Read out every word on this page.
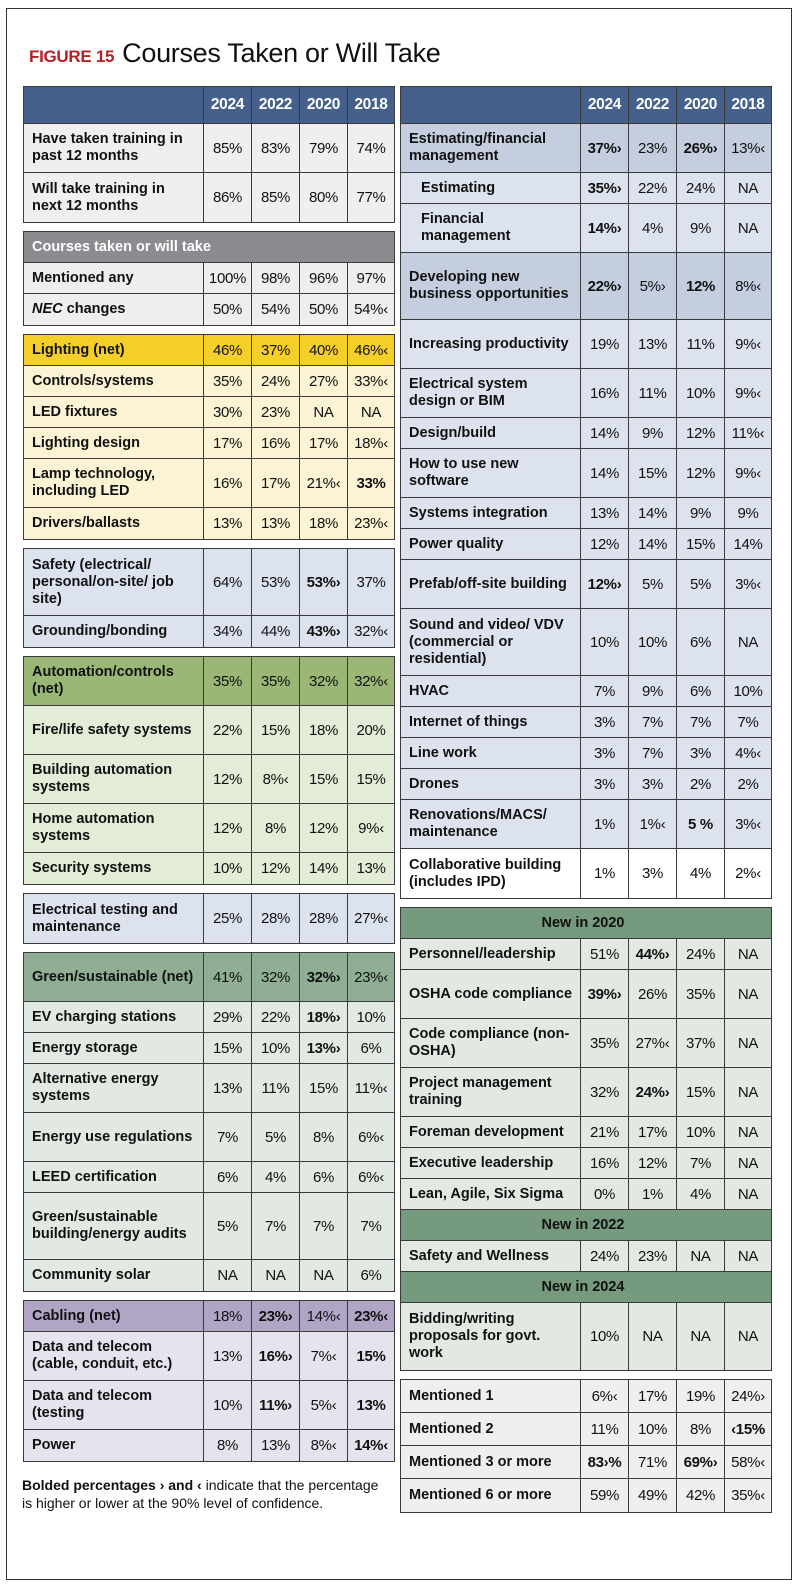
FIGURE 15 Courses Taken or Will Take
2024 2022 2020 2018
Have taken training in past 12 months	85%	83%	79%	74%
Will take training in next 12 months	86%	85%	80%	77%
Courses taken or will take
Mentioned any	100% 98%	96%	97%
NEC changes	50%	54%	50%	54%‹
Lighting (net)	46%	37%	40%	46%‹
Controls/systems	35%	24%	27%	33%‹
LED fixtures	30%	23%	NA	NA
Lighting design	17%	16%	17%	18%‹
Lamp technology, including LED	16%	17%	21%‹	33%
Drivers/ballasts	13%	13%	18%	23%‹
Safety (electrical/ personal/on-site/ job site)
64%	53%	53%›	37%
Grounding/bonding	34%	44%	43%› 32%‹
Automation/controls (net)	35%	35%	32%	32%‹
Fire/life safety systems	22%	15%	18%	20%
Building automation systems	12%	8%‹	15%	15%
Home automation systems	12%	8%	12%	9%‹
Security systems	10%	12%	14%	13%
Electrical testing and maintenance	25%	28%	28%	27%‹
Green/sustainable (net)	41%	32%	32%› 23%‹
EV charging stations	29%	22%	18%›	10%
Energy storage	15%	10%	13%›	6%
Alternative energy systems	13%	11%	15%	11%‹
Energy use regulations	7%	5%	8%	6%‹
LEED certification	6%	4%	6%	6%‹
Green/sustainable building/energy audits	5%	7%	7%	7%
Community solar	NA	NA	NA	6%
Cabling (net)	18%	23%› 14%‹ 23%‹
Data and telecom (cable, conduit, etc.)	13%	16%›	7%‹	15%
Data and telecom (testing	10%	11%›	5%‹	13%
Power	8%	13%	8%‹	14%‹
2024 2022 2020 2018
Estimating/financial management	37%›	23%	26%› 13%‹
Estimating	35%›	22%	24%	NA
Financial management	14%›	4%	9%	NA
Developing new business opportunities	22%›	5%›	12%	8%‹
Increasing productivity	19%	13%	11%	9%‹
Electrical system design or BIM	16%	11%	10%	9%‹
Design/build	14%	9%	12%	11%‹
How to use new software	14%	15%	12%	9%‹
Systems integration	13%	14%	9%	9%
Power quality	12%	14%	15%	14%
Prefab/off-site building	12%›	5%	5%	3%‹
Sound and video/ VDV (commercial or residential)
10%	10%	6%	NA
HVAC	7%	9%	6%	10%
Internet of things	3%	7%	7%	7%
Line work	3%	7%	3%	4%‹
Drones	3%	3%	2%	2%
Renovations/MACS/ maintenance	1%	1%‹	5 %	3%‹
Collaborative building (includes IPD)	1%	3%	4%	2%‹
New in 2020
Personnel/leadership	51%	44%›	24%	NA
OSHA code compliance	39%›	26%	35%	NA
Code compliance (non-OSHA)	35%	27%‹	37%	NA
Project management training	32%	24%›	15%	NA
Foreman development	21%	17%	10%	NA
Executive leadership	16%	12%	7%	NA
Lean, Agile, Six Sigma	0%	1%	4%	NA
New in 2022
Safety and Wellness	24%	23%	NA	NA
New in 2024
Bidding/writing proposals for govt. work
10%	NA	NA	NA
Mentioned 1	6%‹	17%	19%	24%›
Mentioned 2	11%	10%	8%	‹15%
Mentioned 3 or more	83›%	71%	69%› 58%‹
Mentioned 6 or more	59%	49%	42%	35%‹
Bolded percentages › and ‹ indicate that the percentage is higher or lower at the 90% level of confidence.
